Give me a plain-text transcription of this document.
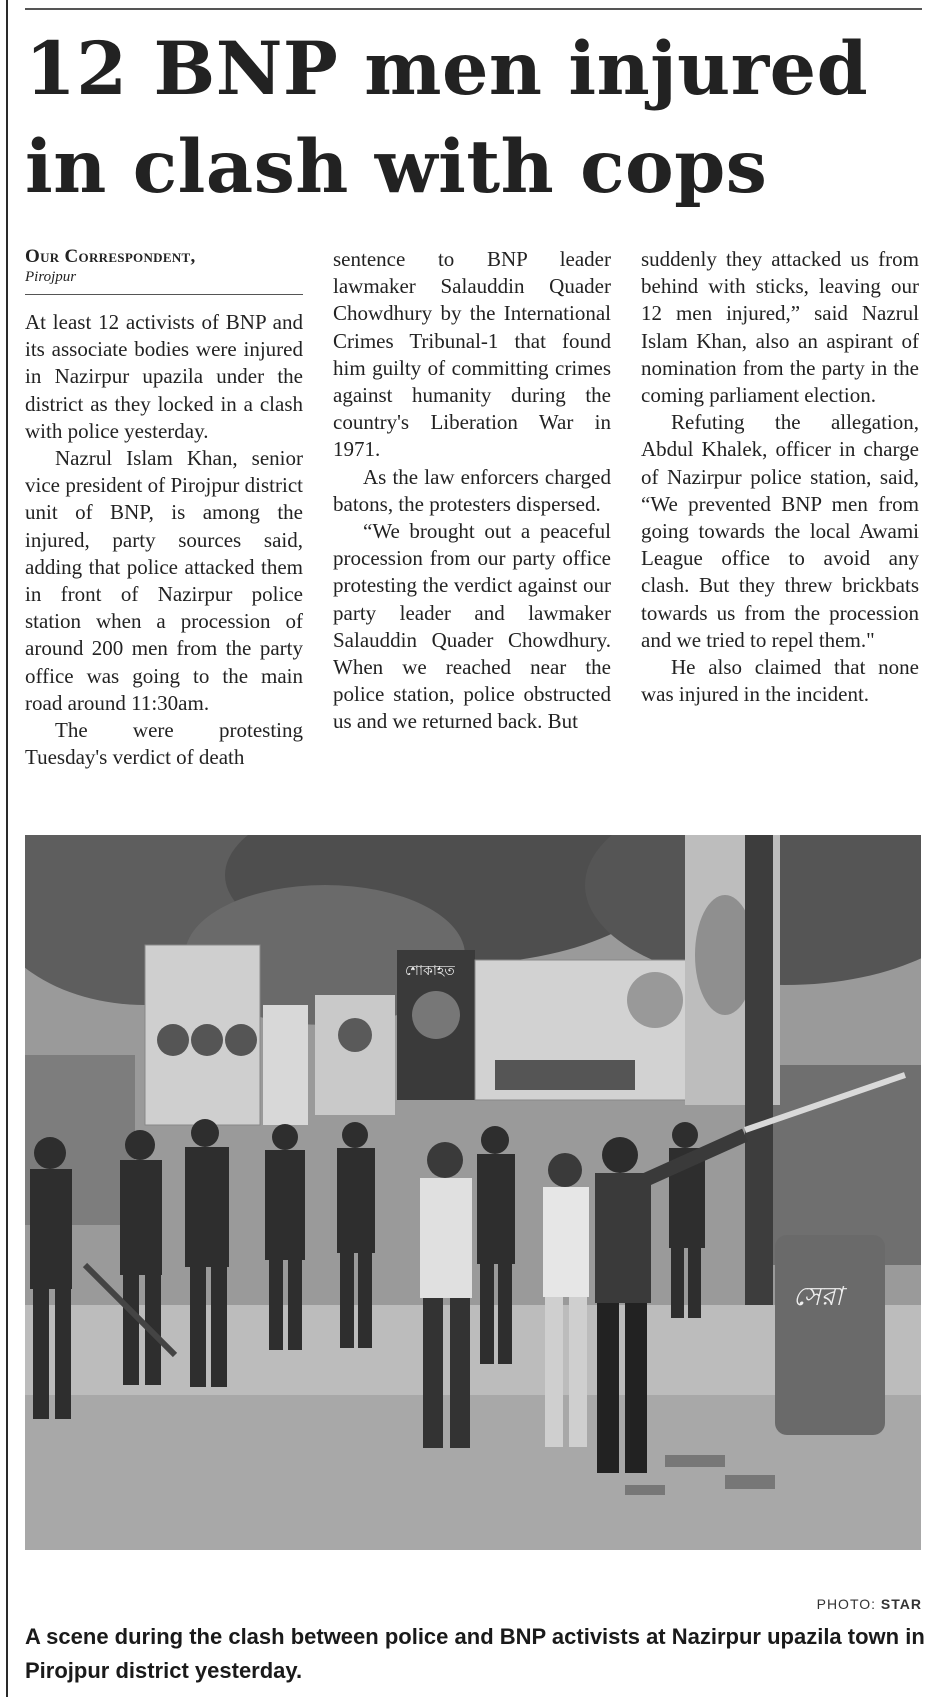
12 BNP men injured in clash with cops
Our Correspondent,
Pirojpur

At least 12 activists of BNP and its associate bodies were injured in Nazirpur upazila under the district as they locked in a clash with police yesterday.

Nazrul Islam Khan, senior vice president of Pirojpur district unit of BNP, is among the injured, party sources said, adding that police attacked them in front of Nazirpur police station when a procession of around 200 men from the party office was going to the main road around 11:30am.

The were protesting Tuesday's verdict of death

sentence to BNP leader lawmaker Salauddin Quader Chowdhury by the International Crimes Tribunal-1 that found him guilty of committing crimes against humanity during the country's Liberation War in 1971.

As the law enforcers charged batons, the protesters dispersed.

“We brought out a peaceful procession from our party office protesting the verdict against our party leader and lawmaker Salauddin Quader Chowdhury. When we reached near the police station, police obstructed us and we returned back. But

suddenly they attacked us from behind with sticks, leaving our 12 men injured,” said Nazrul Islam Khan, also an aspirant of nomination from the party in the coming parliament election.

Refuting the allegation, Abdul Khalek, officer in charge of Nazirpur police station, said, “We prevented BNP men from going towards the local Awami League office to avoid any clash. But they threw brickbats towards us from the procession and we tried to repel them."

He also claimed that none was injured in the incident.

শোকাহত
সেরা
PHOTO: STAR

A scene during the clash between police and BNP activists at Nazirpur upazila town in Pirojpur district yesterday.
